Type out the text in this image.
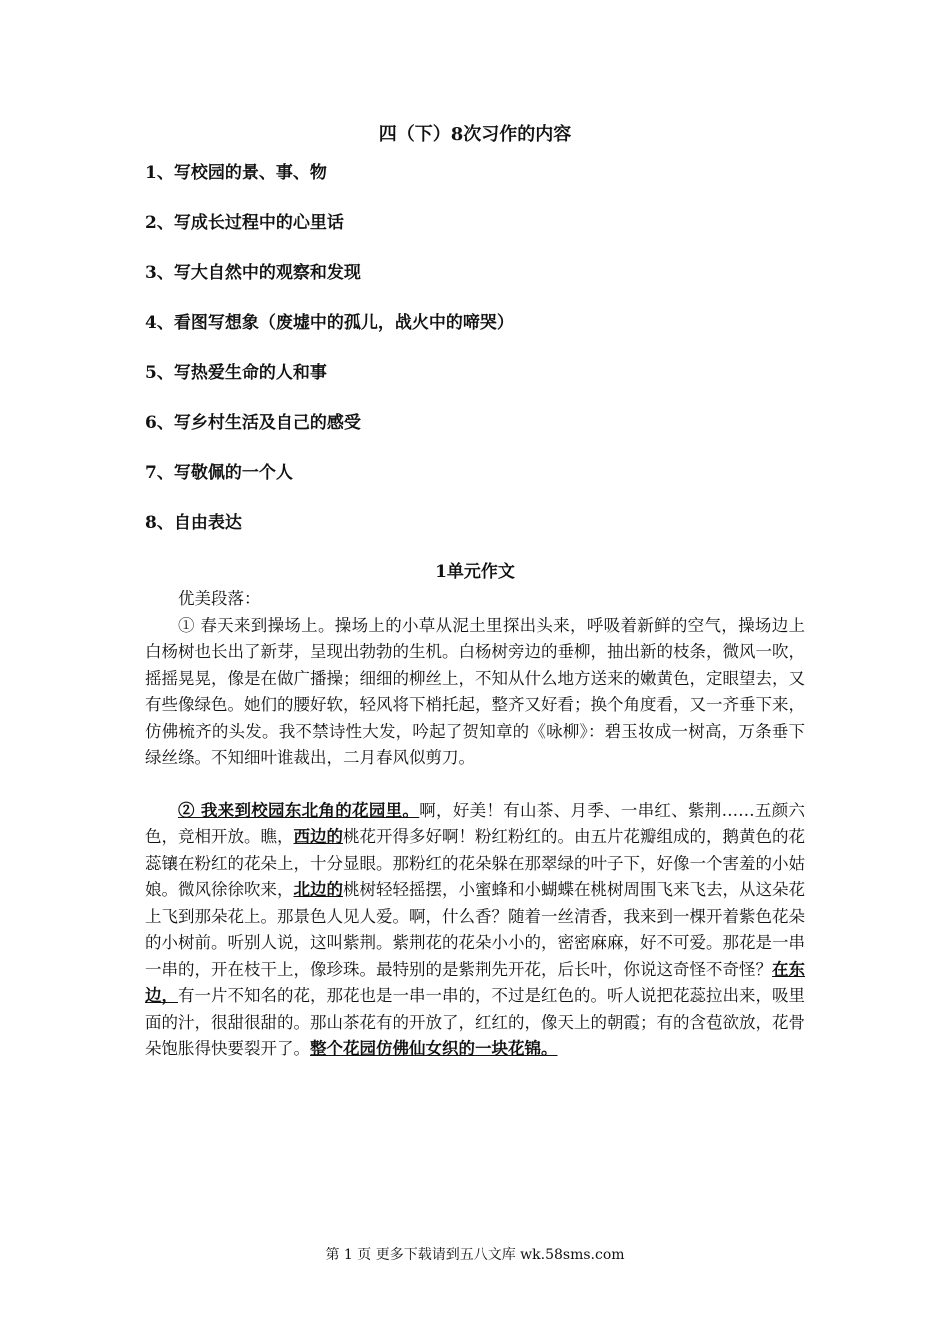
四（下）8次习作的内容

1、写校园的景、事、物

2、写成长过程中的心里话

3、写大自然中的观察和发现

4、看图写想象（废墟中的孤儿，战火中的啼哭）

5、写热爱生命的人和事

6、写乡村生活及自己的感受

7、写敬佩的一个人

8、自由表达

1单元作文

优美段落：

① 春天来到操场上。操场上的小草从泥土里探出头来，呼吸着新鲜的空气，操场边上白杨树也长出了新芽，呈现出勃勃的生机。白杨树旁边的垂柳，抽出新的枝条，微风一吹，摇摇晃晃，像是在做广播操；细细的柳丝上，不知从什么地方送来的嫩黄色，定眼望去，又有些像绿色。她们的腰好软，轻风将下梢托起，整齐又好看；换个角度看，又一齐垂下来，仿佛梳齐的头发。我不禁诗性大发，吟起了贺知章的《咏柳》：碧玉妆成一树高，万条垂下绿丝绦。不知细叶谁裁出，二月春风似剪刀。

② 我来到校园东北角的花园里。啊，好美！有山茶、月季、一串红、紫荆……五颜六色，竞相开放。瞧，西边的桃花开得多好啊！粉红粉红的。由五片花瓣组成的，鹅黄色的花蕊镶在粉红的花朵上，十分显眼。那粉红的花朵躲在那翠绿的叶子下，好像一个害羞的小姑娘。微风徐徐吹来，北边的桃树轻轻摇摆，小蜜蜂和小蝴蝶在桃树周围飞来飞去，从这朵花上飞到那朵花上。那景色人见人爱。啊，什么香？随着一丝清香，我来到一棵开着紫色花朵的小树前。听别人说，这叫紫荆。紫荆花的花朵小小的，密密麻麻，好不可爱。那花是一串一串的，开在枝干上，像珍珠。最特别的是紫荆先开花，后长叶，你说这奇怪不奇怪？在东边，有一片不知名的花，那花也是一串一串的，不过是红色的。听人说把花蕊拉出来，吸里面的汁，很甜很甜的。那山茶花有的开放了，红红的，像天上的朝霞；有的含苞欲放，花骨朵饱胀得快要裂开了。整个花园仿佛仙女织的一块花锦。

第 1 页 更多下载请到五八文库 wk.58sms.com
